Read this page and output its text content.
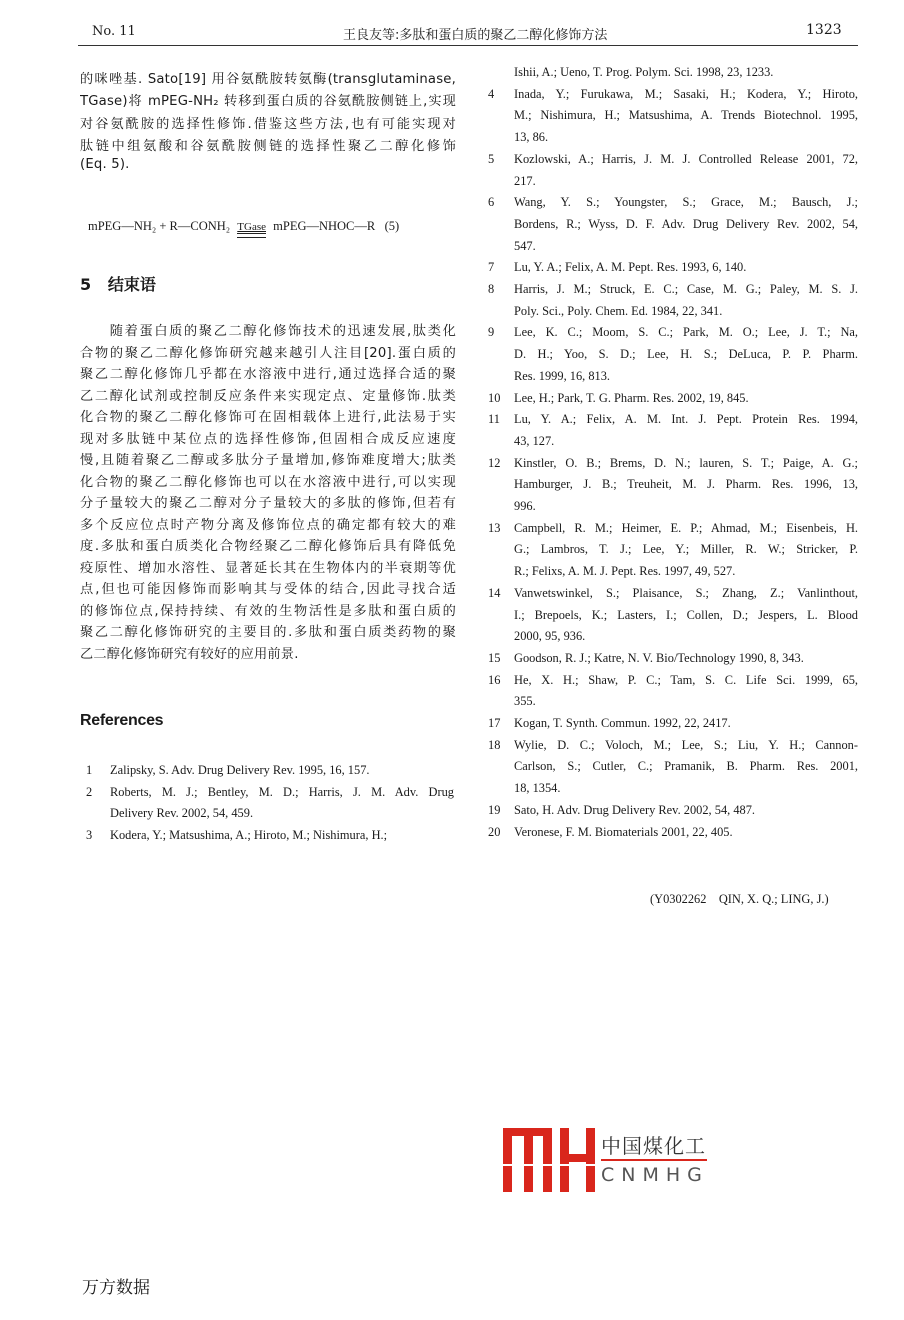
No. 11	王良友等:多肽和蛋白质的聚乙二醇化修饰方法	1323
的咪唑基. Sato[19] 用谷氨酰胺转氨酶(transglutaminase,
TGase)将 mPEG-NH₂ 转移到蛋白质的谷氨酰胺侧链上,实现
对谷氨酰胺的选择性修饰.借鉴这些方法,也有可能实现对
肽链中组氨酸和谷氨酰胺侧链的选择性聚乙二醇化修饰
(Eq. 5).
mPEG—NH₂ + R—CONH₂ TGase mPEG—NHOC—R (5)
5 结束语
　　随着蛋白质的聚乙二醇化修饰技术的迅速发展,肽类化
合物的聚乙二醇化修饰研究越来越引人注目[20].蛋白质的
聚乙二醇化修饰几乎都在水溶液中进行,通过选择合适的聚
乙二醇化试剂或控制反应条件来实现定点、定量修饰.肽类
化合物的聚乙二醇化修饰可在固相载体上进行,此法易于实
现对多肽链中某位点的选择性修饰,但固相合成反应速度
慢,且随着聚乙二醇或多肽分子量增加,修饰难度增大;肽类
化合物的聚乙二醇化修饰也可以在水溶液中进行,可以实现
分子量较大的聚乙二醇对分子量较大的多肽的修饰,但若有
多个反应位点时产物分离及修饰位点的确定都有较大的难
度.多肽和蛋白质类化合物经聚乙二醇化修饰后具有降低免
疫原性、增加水溶性、显著延长其在生物体内的半衰期等优
点,但也可能因修饰而影响其与受体的结合,因此寻找合适
的修饰位点,保持持续、有效的生物活性是多肽和蛋白质的
聚乙二醇化修饰研究的主要目的.多肽和蛋白质类药物的聚
乙二醇化修饰研究有较好的应用前景.
References
1 Zalipsky, S. Adv. Drug Delivery Rev. 1995, 16, 157.
2 Roberts, M. J.; Bentley, M. D.; Harris, J. M. Adv. Drug
Delivery Rev. 2002, 54, 459.
3 Kodera, Y.; Matsushima, A.; Hiroto, M.; Nishimura, H.;
Ishii, A.; Ueno, T. Prog. Polym. Sci. 1998, 23, 1233.
4 Inada, Y.; Furukawa, M.; Sasaki, H.; Kodera, Y.; Hiroto,
M.; Nishimura, H.; Matsushima, A. Trends Biotechnol. 1995,
13, 86.
5 Kozlowski, A.; Harris, J. M. J. Controlled Release 2001, 72,
217.
6 Wang, Y. S.; Youngster, S.; Grace, M.; Bausch, J.;
Bordens, R.; Wyss, D. F. Adv. Drug Delivery Rev. 2002, 54,
547.
7 Lu, Y. A.; Felix, A. M. Pept. Res. 1993, 6, 140.
8 Harris, J. M.; Struck, E. C.; Case, M. G.; Paley, M. S. J.
Poly. Sci., Poly. Chem. Ed. 1984, 22, 341.
9 Lee, K. C.; Moom, S. C.; Park, M. O.; Lee, J. T.; Na,
D. H.; Yoo, S. D.; Lee, H. S.; DeLuca, P. P. Pharm.
Res. 1999, 16, 813.
10 Lee, H.; Park, T. G. Pharm. Res. 2002, 19, 845.
11 Lu, Y. A.; Felix, A. M. Int. J. Pept. Protein Res. 1994,
43, 127.
12 Kinstler, O. B.; Brems, D. N.; lauren, S. T.; Paige, A. G.;
Hamburger, J. B.; Treuheit, M. J. Pharm. Res. 1996, 13,
996.
13 Campbell, R. M.; Heimer, E. P.; Ahmad, M.; Eisenbeis, H.
G.; Lambros, T. J.; Lee, Y.; Miller, R. W.; Stricker, P.
R.; Felixs, A. M. J. Pept. Res. 1997, 49, 527.
14 Vanwetswinkel, S.; Plaisance, S.; Zhang, Z.; Vanlinthout,
I.; Brepoels, K.; Lasters, I.; Collen, D.; Jespers, L. Blood
2000, 95, 936.
15 Goodson, R. J.; Katre, N. V. Bio/Technology 1990, 8, 343.
16 He, X. H.; Shaw, P. C.; Tam, S. C. Life Sci. 1999, 65,
355.
17 Kogan, T. Synth. Commun. 1992, 22, 2417.
18 Wylie, D. C.; Voloch, M.; Lee, S.; Liu, Y. H.; Cannon-
Carlson, S.; Cutler, C.; Pramanik, B. Pharm. Res. 2001,
18, 1354.
19 Sato, H. Adv. Drug Delivery Rev. 2002, 54, 487.
20 Veronese, F. M. Biomaterials 2001, 22, 405.
(Y0302262　QIN, X. Q.; LING, J.)
中国煤化工
CNMHG
万方数据
